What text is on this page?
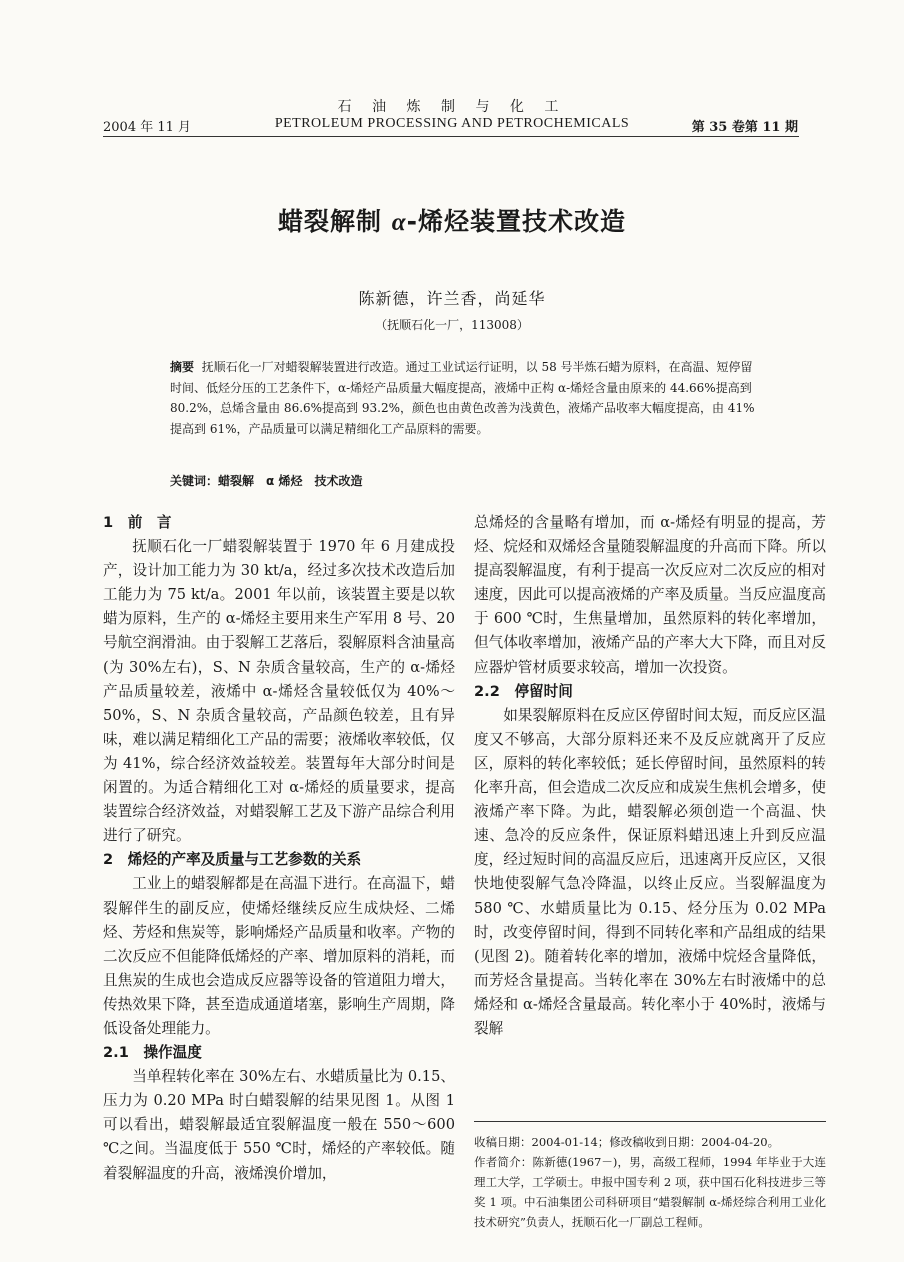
石 油 炼 制 与 化 工
PETROLEUM PROCESSING AND PETROCHEMICALS
2004 年 11 月	第 35 卷第 11 期
蜡裂解制 α-烯烃装置技术改造
陈新德，许兰香，尚延华
（抚顺石化一厂，113008）
摘要 抚顺石化一厂对蜡裂解装置进行改造。通过工业试运行证明，以 58 号半炼石蜡为原料，在高温、短停留时间、低烃分压的工艺条件下，α-烯烃产品质量大幅度提高，液烯中正构 α-烯烃含量由原来的 44.66%提高到 80.2%，总烯含量由 86.6%提高到 93.2%，颜色也由黄色改善为浅黄色，液烯产品收率大幅度提高，由 41%提高到 61%，产品质量可以满足精细化工产品原料的需要。
关键词：蜡裂解　α 烯烃　技术改造
1　前　言

抚顺石化一厂蜡裂解装置于 1970 年 6 月建成投产，设计加工能力为 30 kt/a，经过多次技术改造后加工能力为 75 kt/a。2001 年以前，该装置主要是以软蜡为原料，生产的 α-烯烃主要用来生产军用 8 号、20 号航空润滑油。由于裂解工艺落后，裂解原料含油量高(为 30%左右)，S、N 杂质含量较高，生产的 α-烯烃产品质量较差，液烯中 α-烯烃含量较低仅为 40%～50%，S、N 杂质含量较高，产品颜色较差，且有异味，难以满足精细化工产品的需要；液烯收率较低，仅为 41%，综合经济效益较差。装置每年大部分时间是闲置的。为适合精细化工对 α-烯烃的质量要求，提高装置综合经济效益，对蜡裂解工艺及下游产品综合利用进行了研究。

2　烯烃的产率及质量与工艺参数的关系

工业上的蜡裂解都是在高温下进行。在高温下，蜡裂解伴生的副反应，使烯烃继续反应生成炔烃、二烯烃、芳烃和焦炭等，影响烯烃产品质量和收率。产物的二次反应不但能降低烯烃的产率、增加原料的消耗，而且焦炭的生成也会造成反应器等设备的管道阻力增大，传热效果下降，甚至造成通道堵塞，影响生产周期，降低设备处理能力。

2.1　操作温度

当单程转化率在 30%左右、水蜡质量比为 0.15、压力为 0.20 MPa 时白蜡裂解的结果见图 1。从图 1 可以看出，蜡裂解最适宜裂解温度一般在 550～600 ℃之间。当温度低于 550 ℃时，烯烃的产率较低。随着裂解温度的升高，液烯溴价增加，

总烯烃的含量略有增加，而 α-烯烃有明显的提高，芳烃、烷烃和双烯烃含量随裂解温度的升高而下降。所以提高裂解温度，有利于提高一次反应对二次反应的相对速度，因此可以提高液烯的产率及质量。当反应温度高于 600 ℃时，生焦量增加，虽然原料的转化率增加，但气体收率增加，液烯产品的产率大大下降，而且对反应器炉管材质要求较高，增加一次投资。

2.2　停留时间

如果裂解原料在反应区停留时间太短，而反应区温度又不够高，大部分原料还来不及反应就离开了反应区，原料的转化率较低；延长停留时间，虽然原料的转化率升高，但会造成二次反应和成炭生焦机会增多，使液烯产率下降。为此，蜡裂解必须创造一个高温、快速、急冷的反应条件，保证原料蜡迅速上升到反应温度，经过短时间的高温反应后，迅速离开反应区，又很快地使裂解气急冷降温，以终止反应。当裂解温度为 580 ℃、水蜡质量比为 0.15、烃分压为 0.02 MPa 时，改变停留时间，得到不同转化率和产品组成的结果(见图 2)。随着转化率的增加，液烯中烷烃含量降低，而芳烃含量提高。当转化率在 30%左右时液烯中的总烯烃和 α-烯烃含量最高。转化率小于 40%时，液烯与裂解

收稿日期：2004-01-14；修改稿收到日期：2004-04-20。
作者简介：陈新德(1967－)，男，高级工程师，1994 年毕业于大连理工大学，工学硕士。申报中国专利 2 项，获中国石化科技进步三等奖 1 项。中石油集团公司科研项目“蜡裂解制 α-烯烃综合利用工业化技术研究”负责人，抚顺石化一厂副总工程师。
